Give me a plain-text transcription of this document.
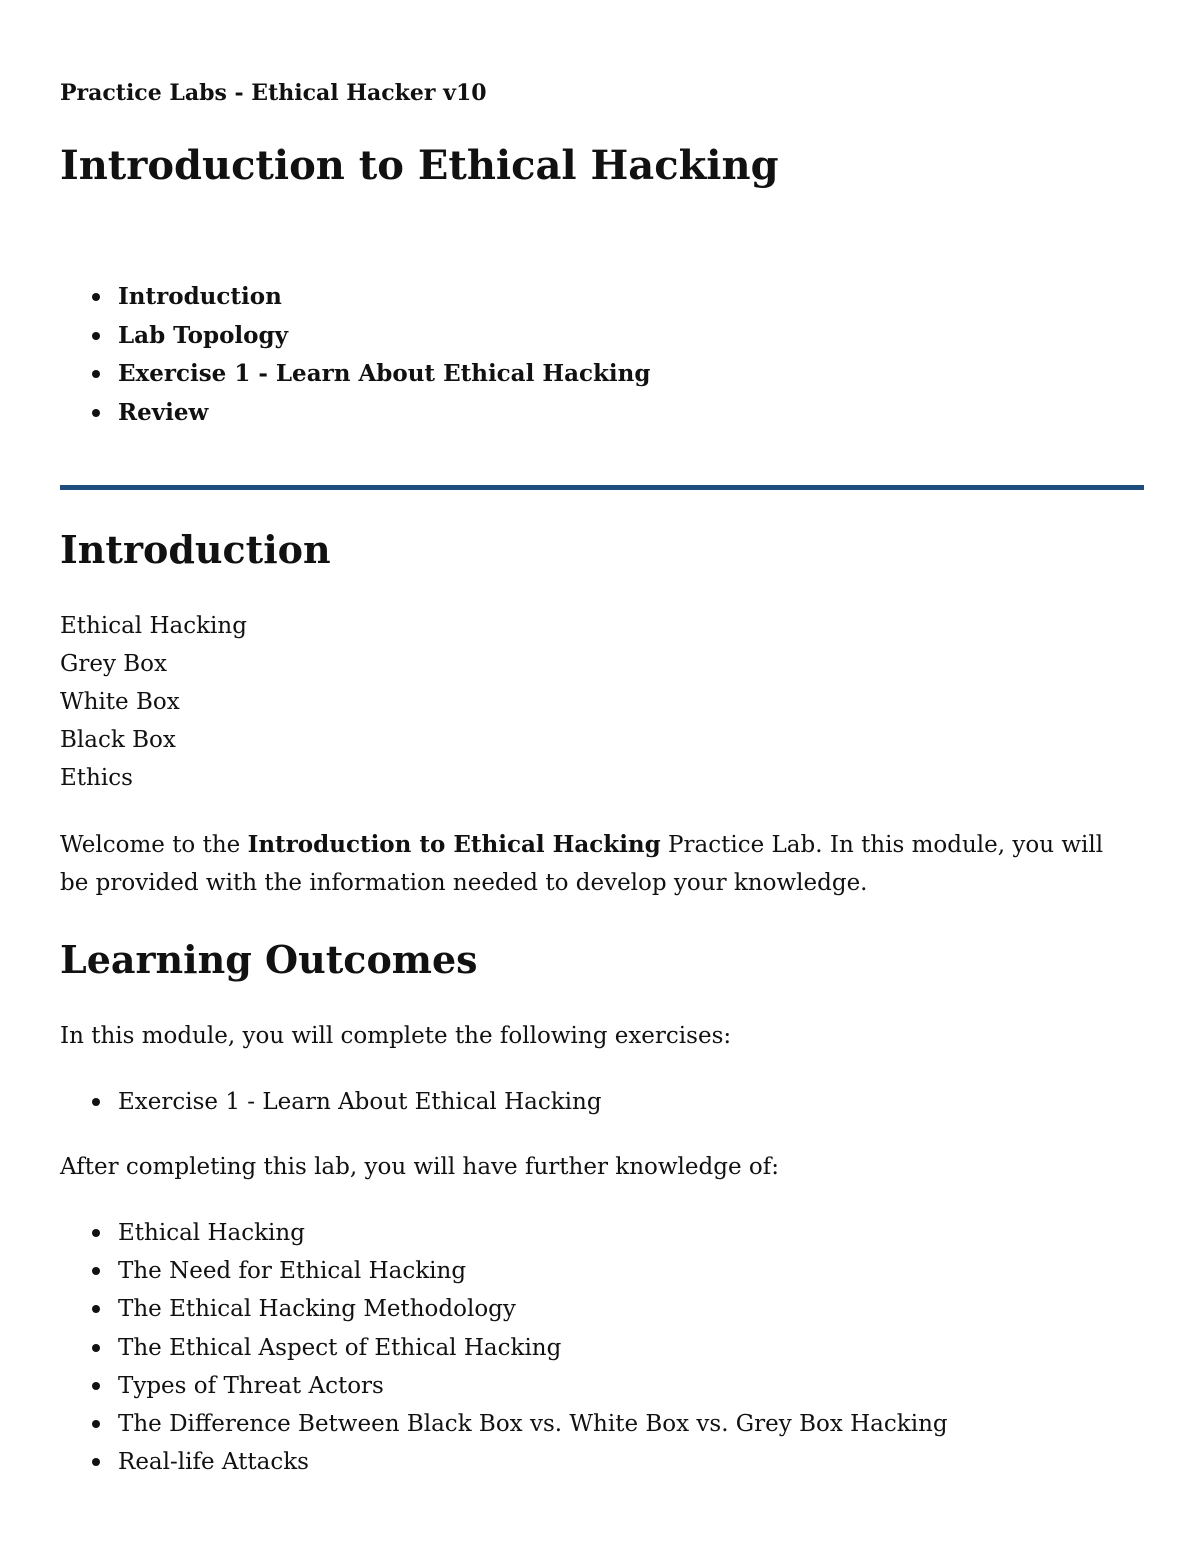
Practice Labs - Ethical Hacker v10

Introduction to Ethical Hacking
Introduction
Lab Topology
Exercise 1 - Learn About Ethical Hacking
Review
Introduction
Ethical Hacking
Grey Box
White Box
Black Box
Ethics

Welcome to the Introduction to Ethical Hacking Practice Lab. In this module, you will be provided with the information needed to develop your knowledge.

Learning Outcomes

In this module, you will complete the following exercises:

Exercise 1 - Learn About Ethical Hacking

After completing this lab, you will have further knowledge of:

Ethical Hacking
The Need for Ethical Hacking
The Ethical Hacking Methodology
The Ethical Aspect of Ethical Hacking
Types of Threat Actors
The Difference Between Black Box vs. White Box vs. Grey Box Hacking
Real-life Attacks
